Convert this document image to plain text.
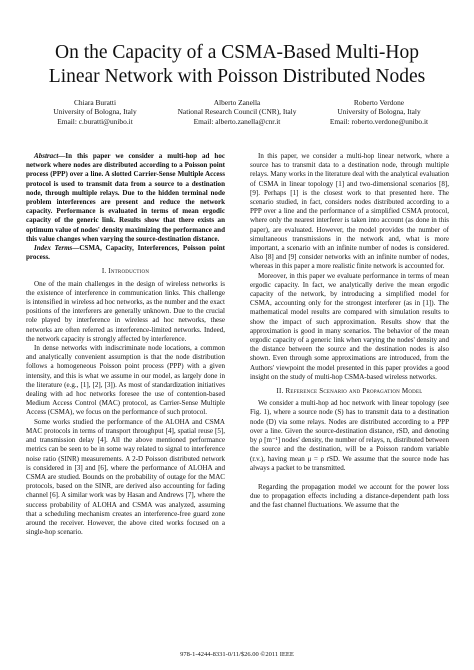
On the Capacity of a CSMA-Based Multi-Hop
Linear Network with Poisson Distributed Nodes
Chiara Buratti
University of Bologna, Italy
Email: c.buratti@unibo.it
Alberto Zanella
National Research Council (CNR), Italy
Email: alberto.zanella@cnr.it
Roberto Verdone
University of Bologna, Italy
Email: roberto.verdone@unibo.it

Abstract—In this paper we consider a multi-hop ad hoc network where nodes are distributed according to a Poisson point process (PPP) over a line. A slotted Carrier-Sense Multiple Access protocol is used to transmit data from a source to a destination node, through multiple relays. Due to the hidden terminal node problem interferences are present and reduce the network capacity. Performance is evaluated in terms of mean ergodic capacity of the generic link. Results show that there exists an optimum value of nodes' density maximizing the performance and this value changes when varying the source-destination distance.

Index Terms—CSMA, Capacity, Interferences, Poisson point process.

I. Introduction

One of the main challenges in the design of wireless networks is the existence of interference in communication links. This challenge is intensified in wireless ad hoc networks, as the number and the exact positions of the interferers are generally unknown. Due to the crucial role played by interference in wireless ad hoc networks, these networks are often referred as interference-limited networks. Indeed, the network capacity is strongly affected by interference.

In dense networks with indiscriminate node locations, a common and analytically convenient assumption is that the node distribution follows a homogeneous Poisson point process (PPP) with a given intensity, and this is what we assume in our model, as largely done in the literature (e.g., [1], [2], [3]). As most of standardization initiatives dealing with ad hoc networks foresee the use of contention-based Medium Access Control (MAC) protocol, as Carrier-Sense Multiple Access (CSMA), we focus on the performance of such protocol.

Some works studied the performance of the ALOHA and CSMA MAC protocols in terms of transport throughput [4], spatial reuse [5], and transmission delay [4]. All the above mentioned performance metrics can be seen to be in some way related to signal to interference noise ratio (SINR) measurements. A 2-D Poisson distributed network is considered in [3] and [6], where the performance of ALOHA and CSMA are studied. Bounds on the probability of outage for the MAC protocols, based on the SINR, are derived also accounting for fading channel [6]. A similar work was by Hasan and Andrews [7], where the success probability of ALOHA and CSMA was analyzed, assuming that a scheduling mechanism creates an interference-free guard zone around the receiver. However, the above cited works focused on a single-hop scenario.

In this paper, we consider a multi-hop linear network, where a source has to transmit data to a destination node, through multiple relays. Many works in the literature deal with the analytical evaluation of CSMA in linear topology [1] and two-dimensional scenarios [8], [9]. Perhaps [1] is the closest work to that presented here. The scenario studied, in fact, considers nodes distributed according to a PPP over a line and the performance of a simplified CSMA protocol, where only the nearest interferer is taken into account (as done in this paper), are evaluated. However, the model provides the number of simultaneous transmissions in the network and, what is more important, a scenario with an infinite number of nodes is considered. Also [8] and [9] consider networks with an infinite number of nodes, whereas in this paper a more realistic finite network is accounted for.

Moreover, in this paper we evaluate performance in terms of mean ergodic capacity. In fact, we analytically derive the mean ergodic capacity of the network, by introducing a simplified model for CSMA, accounting only for the strongest interferer (as in [1]). The mathematical model results are compared with simulation results to show the impact of such approximation. Results show that the approximation is good in many scenarios. The behavior of the mean ergodic capacity of a generic link when varying the nodes' density and the distance between the source and the destination nodes is also shown. Even through some approximations are introduced, from the Authors' viewpoint the model presented in this paper provides a good insight on the study of multi-hop CSMA-based wireless networks.

II. Reference Scenario and Propagation Model

We consider a multi-hop ad hoc network with linear topology (see Fig. 1), where a source node (S) has to transmit data to a destination node (D) via some relays. Nodes are distributed according to a PPP over a line. Given the source-destination distance, rSD, and denoting by ρ [m⁻¹] nodes' density, the number of relays, n, distributed between the source and the destination, will be a Poisson random variable (r.v.), having mean μ = ρ rSD. We assume that the source node has always a packet to be transmitted.

Regarding the propagation model we account for the power loss due to propagation effects including a distance-dependent path loss and the fast channel fluctuations. We assume that the

978-1-4244-8331-0/11/$26.00 ©2011 IEEE
